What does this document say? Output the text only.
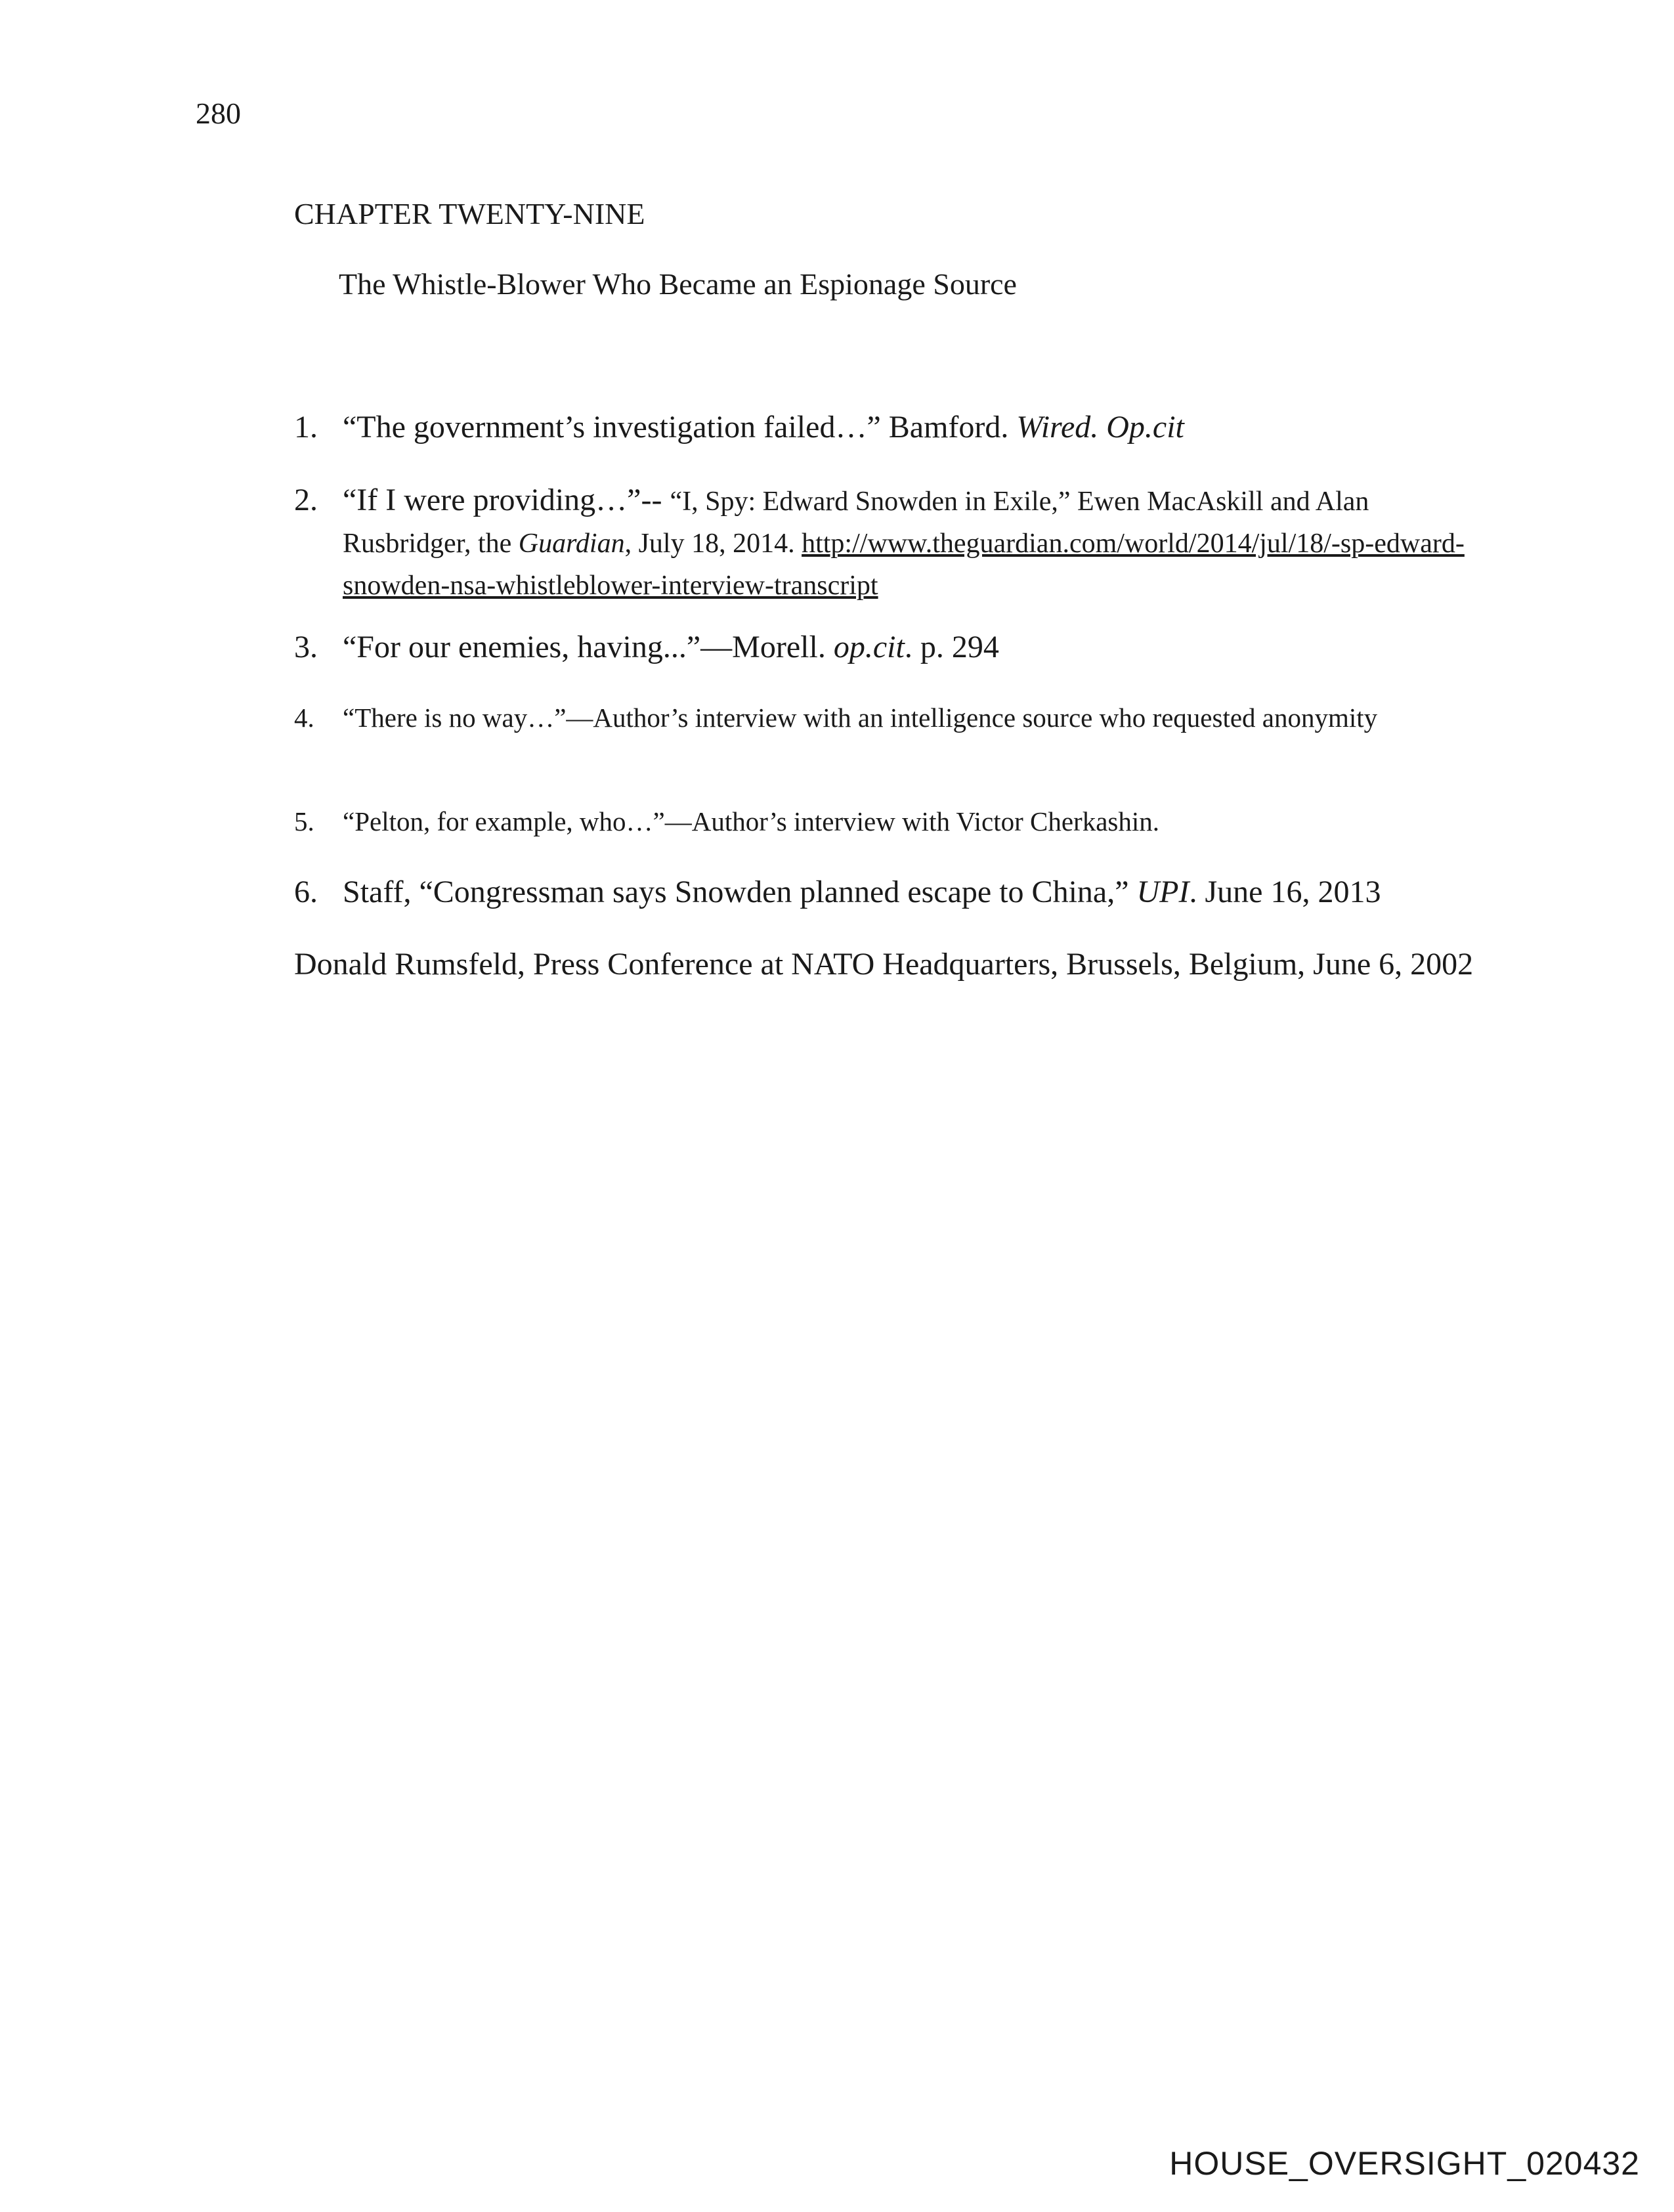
280
CHAPTER TWENTY-NINE
The Whistle-Blower Who Became an Espionage Source
1. “The government’s investigation failed…” Bamford. Wired. Op.cit
2. “If I were providing…”-- “I, Spy: Edward Snowden in Exile,” Ewen MacAskill and Alan Rusbridger, the Guardian, July 18, 2014. http://www.theguardian.com/world/2014/jul/18/-sp-edward-snowden-nsa-whistleblower-interview-transcript
3. “For our enemies, having...”—Morell. op.cit. p. 294
4. “There is no way…”—Author’s interview with an intelligence source who requested anonymity
5. “Pelton, for example, who…”—Author’s interview with Victor Cherkashin.
6. Staff, “Congressman says Snowden planned escape to China,” UPI. June 16, 2013
Donald Rumsfeld, Press Conference at NATO Headquarters, Brussels, Belgium, June 6, 2002
HOUSE_OVERSIGHT_020432
